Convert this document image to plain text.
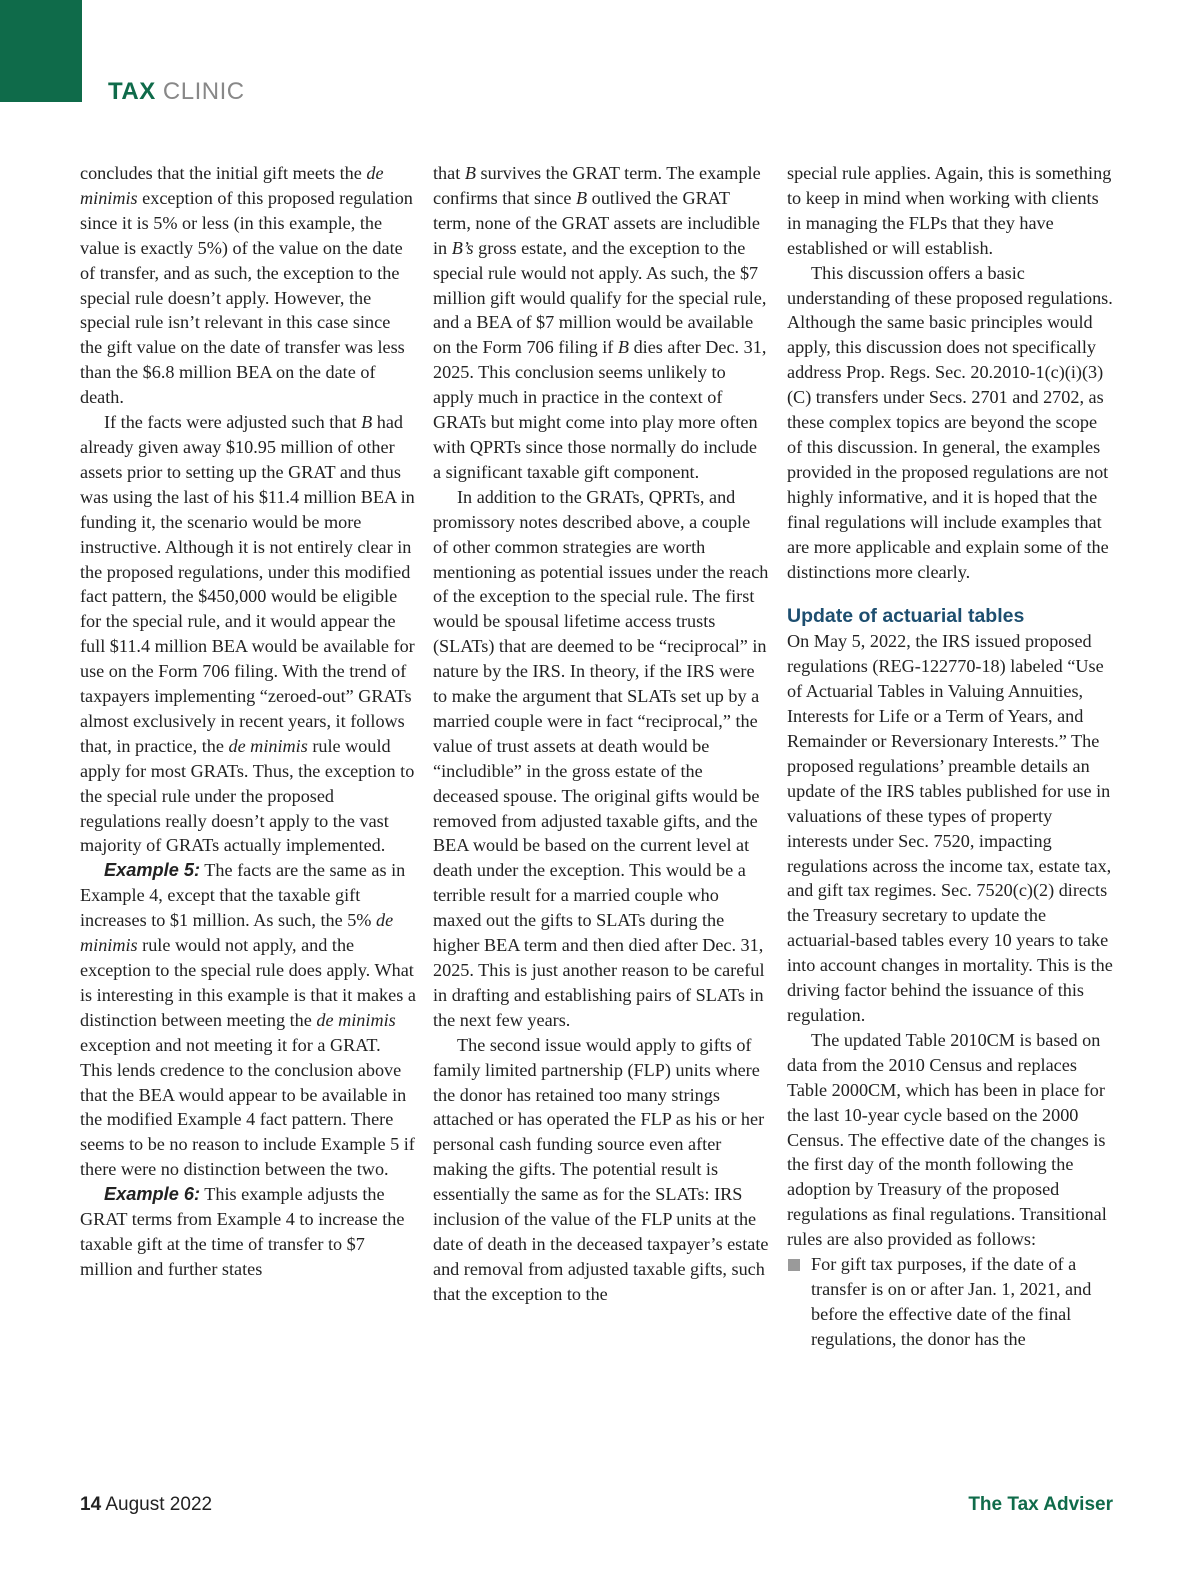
TAX CLINIC

concludes that the initial gift meets the de minimis exception of this proposed regulation since it is 5% or less (in this example, the value is exactly 5%) of the value on the date of transfer, and as such, the exception to the special rule doesn’t apply. However, the special rule isn’t relevant in this case since the gift value on the date of transfer was less than the $6.8 million BEA on the date of death.

If the facts were adjusted such that B had already given away $10.95 million of other assets prior to setting up the GRAT and thus was using the last of his $11.4 million BEA in funding it, the scenario would be more instructive. Although it is not entirely clear in the proposed regulations, under this modified fact pattern, the $450,000 would be eligible for the special rule, and it would appear the full $11.4 million BEA would be available for use on the Form 706 filing. With the trend of taxpayers implementing “zeroed-out” GRATs almost exclusively in recent years, it follows that, in practice, the de minimis rule would apply for most GRATs. Thus, the exception to the special rule under the proposed regulations really doesn’t apply to the vast majority of GRATs actually implemented.

Example 5: The facts are the same as in Example 4, except that the taxable gift increases to $1 million. As such, the 5% de minimis rule would not apply, and the exception to the special rule does apply. What is interesting in this example is that it makes a distinction between meeting the de minimis exception and not meeting it for a GRAT. This lends credence to the conclusion above that the BEA would appear to be available in the modified Example 4 fact pattern. There seems to be no reason to include Example 5 if there were no distinction between the two.

Example 6: This example adjusts the GRAT terms from Example 4 to increase the taxable gift at the time of transfer to $7 million and further states

that B survives the GRAT term. The example confirms that since B outlived the GRAT term, none of the GRAT assets are includible in B’s gross estate, and the exception to the special rule would not apply. As such, the $7 million gift would qualify for the special rule, and a BEA of $7 million would be available on the Form 706 filing if B dies after Dec. 31, 2025. This conclusion seems unlikely to apply much in practice in the context of GRATs but might come into play more often with QPRTs since those normally do include a significant taxable gift component.

In addition to the GRATs, QPRTs, and promissory notes described above, a couple of other common strategies are worth mentioning as potential issues under the reach of the exception to the special rule. The first would be spousal lifetime access trusts (SLATs) that are deemed to be “reciprocal” in nature by the IRS. In theory, if the IRS were to make the argument that SLATs set up by a married couple were in fact “reciprocal,” the value of trust assets at death would be “includible” in the gross estate of the deceased spouse. The original gifts would be removed from adjusted taxable gifts, and the BEA would be based on the current level at death under the exception. This would be a terrible result for a married couple who maxed out the gifts to SLATs during the higher BEA term and then died after Dec. 31, 2025. This is just another reason to be careful in drafting and establishing pairs of SLATs in the next few years.

The second issue would apply to gifts of family limited partnership (FLP) units where the donor has retained too many strings attached or has operated the FLP as his or her personal cash funding source even after making the gifts. The potential result is essentially the same as for the SLATs: IRS inclusion of the value of the FLP units at the date of death in the deceased taxpayer’s estate and removal from adjusted taxable gifts, such that the exception to the

special rule applies. Again, this is something to keep in mind when working with clients in managing the FLPs that they have established or will establish.

This discussion offers a basic understanding of these proposed regulations. Although the same basic principles would apply, this discussion does not specifically address Prop. Regs. Sec. 20.2010-1(c)(i)(3)(C) transfers under Secs. 2701 and 2702, as these complex topics are beyond the scope of this discussion. In general, the examples provided in the proposed regulations are not highly informative, and it is hoped that the final regulations will include examples that are more applicable and explain some of the distinctions more clearly.

Update of actuarial tables

On May 5, 2022, the IRS issued proposed regulations (REG-122770-18) labeled “Use of Actuarial Tables in Valuing Annuities, Interests for Life or a Term of Years, and Remainder or Reversionary Interests.” The proposed regulations’ preamble details an update of the IRS tables published for use in valuations of these types of property interests under Sec. 7520, impacting regulations across the income tax, estate tax, and gift tax regimes. Sec. 7520(c)(2) directs the Treasury secretary to update the actuarial-based tables every 10 years to take into account changes in mortality. This is the driving factor behind the issuance of this regulation.

The updated Table 2010CM is based on data from the 2010 Census and replaces Table 2000CM, which has been in place for the last 10-year cycle based on the 2000 Census. The effective date of the changes is the first day of the month following the adoption by Treasury of the proposed regulations as final regulations. Transitional rules are also provided as follows:

For gift tax purposes, if the date of a transfer is on or after Jan. 1, 2021, and before the effective date of the final regulations, the donor has the
14 August 2022	The Tax Adviser
